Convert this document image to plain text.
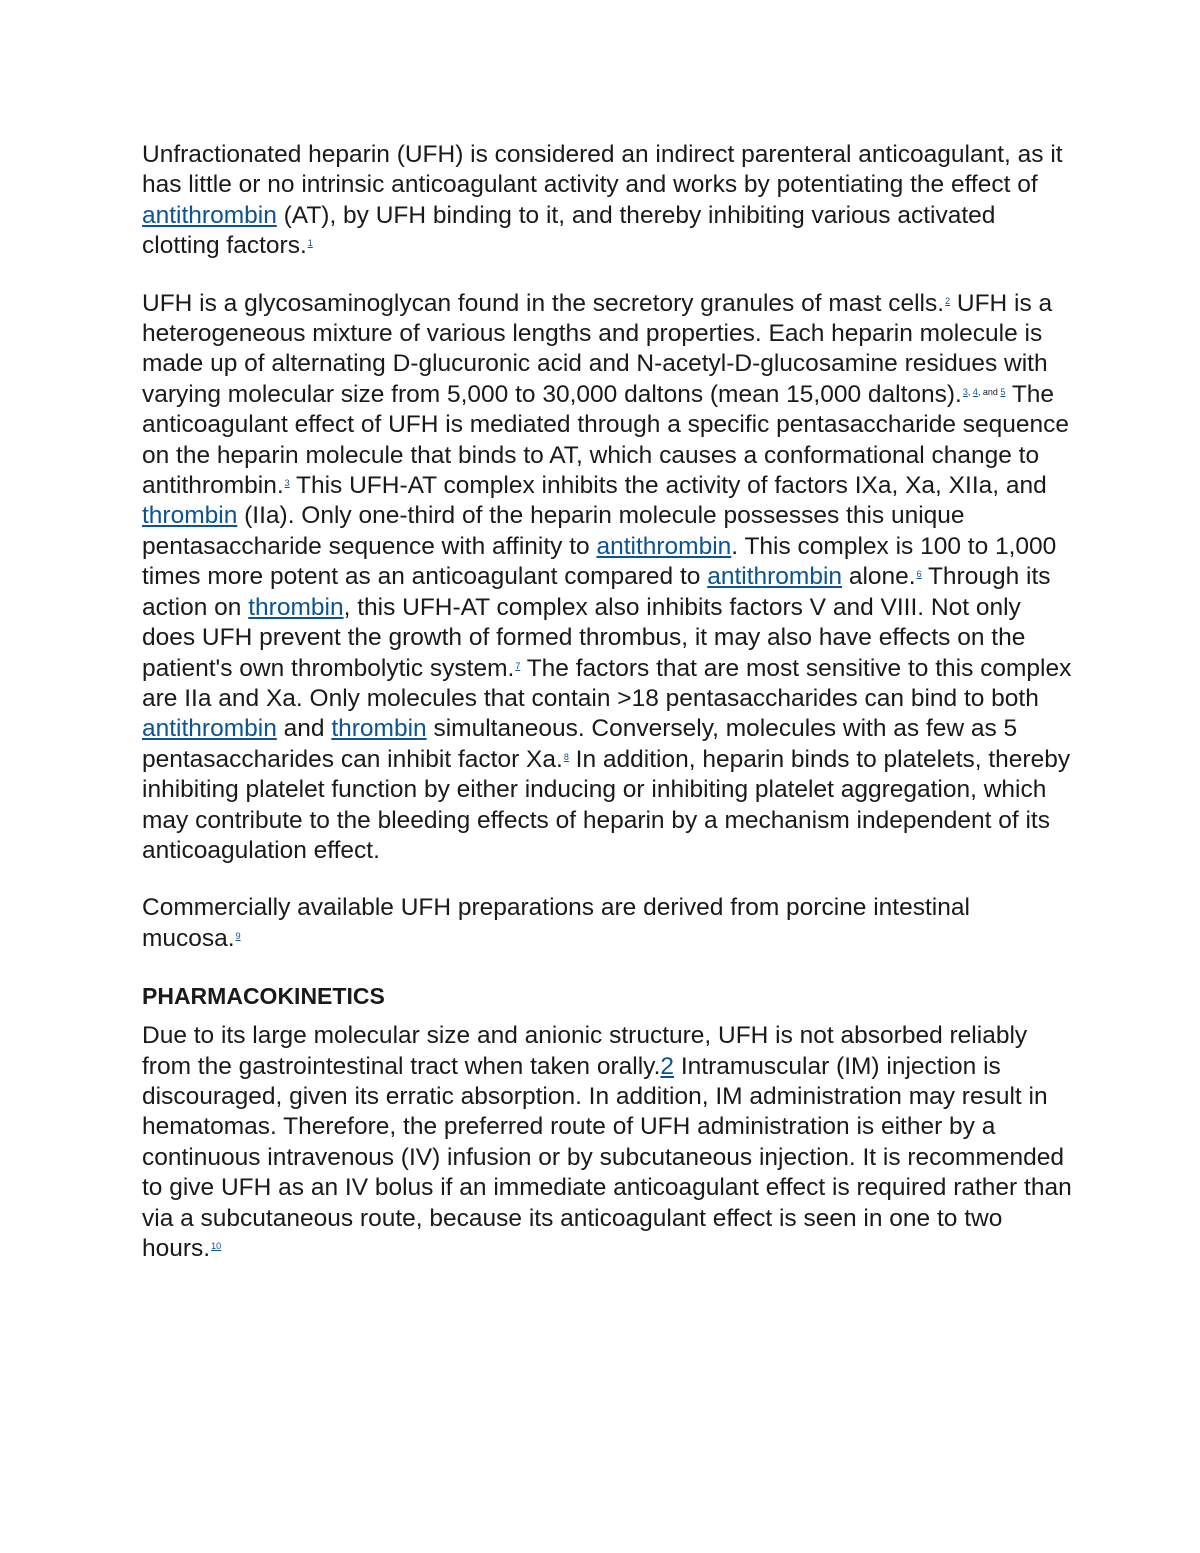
Unfractionated heparin (UFH) is considered an indirect parenteral anticoagulant, as it has little or no intrinsic anticoagulant activity and works by potentiating the effect of antithrombin (AT), by UFH binding to it, and thereby inhibiting various activated clotting factors.$^1$

UFH is a glycosaminoglycan found in the secretory granules of mast cells.$^2$ UFH is a heterogeneous mixture of various lengths and properties. Each heparin molecule is made up of alternating D-glucuronic acid and N-acetyl-D-glucosamine residues with varying molecular size from 5,000 to 30,000 daltons (mean 15,000 daltons).$^{3, 4, and 5}$ The anticoagulant effect of UFH is mediated through a specific pentasaccharide sequence on the heparin molecule that binds to AT, which causes a conformational change to antithrombin.$^3$ This UFH-AT complex inhibits the activity of factors IXa, Xa, XIIa, and thrombin (IIa). Only one-third of the heparin molecule possesses this unique pentasaccharide sequence with affinity to antithrombin. This complex is 100 to 1,000 times more potent as an anticoagulant compared to antithrombin alone.$^6$ Through its action on thrombin, this UFH-AT complex also inhibits factors V and VIII. Not only does UFH prevent the growth of formed thrombus, it may also have effects on the patient's own thrombolytic system.$^7$ The factors that are most sensitive to this complex are IIa and Xa. Only molecules that contain >18 pentasaccharides can bind to both antithrombin and thrombin simultaneous. Conversely, molecules with as few as 5 pentasaccharides can inhibit factor Xa.$^8$ In addition, heparin binds to platelets, thereby inhibiting platelet function by either inducing or inhibiting platelet aggregation, which may contribute to the bleeding effects of heparin by a mechanism independent of its anticoagulation effect.

Commercially available UFH preparations are derived from porcine intestinal mucosa.$^9$

PHARMACOKINETICS

Due to its large molecular size and anionic structure, UFH is not absorbed reliably from the gastrointestinal tract when taken orally.2 Intramuscular (IM) injection is discouraged, given its erratic absorption. In addition, IM administration may result in hematomas. Therefore, the preferred route of UFH administration is either by a continuous intravenous (IV) infusion or by subcutaneous injection. It is recommended to give UFH as an IV bolus if an immediate anticoagulant effect is required rather than via a subcutaneous route, because its anticoagulant effect is seen in one to two hours.$^{10}$
